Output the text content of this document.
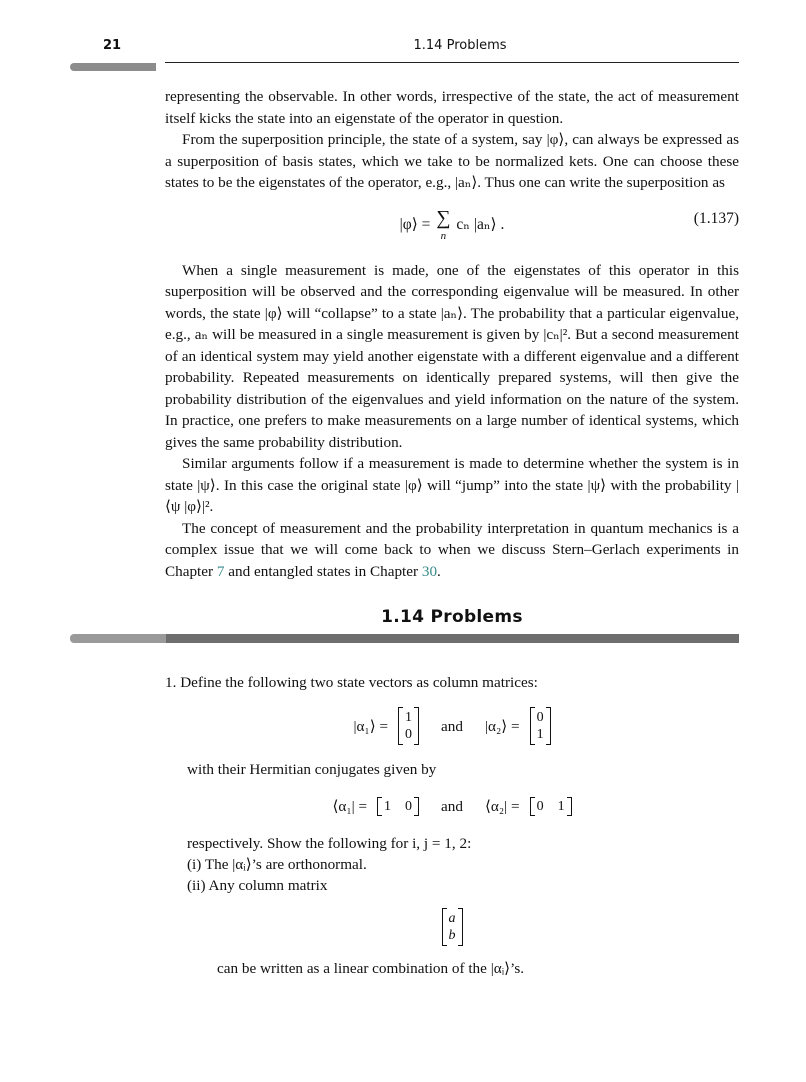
21	1.14 Problems

representing the observable. In other words, irrespective of the state, the act of measurement itself kicks the state into an eigenstate of the operator in question.

From the superposition principle, the state of a system, say |φ⟩, can always be expressed as a superposition of basis states, which we take to be normalized kets. One can choose these states to be the eigenstates of the operator, e.g., |aₙ⟩. Thus one can write the superposition as

|φ⟩ = ∑
n
cₙ |aₙ⟩ .	(1.137)

When a single measurement is made, one of the eigenstates of this operator in this superposition will be observed and the corresponding eigenvalue will be measured. In other words, the state |φ⟩ will “collapse” to a state |aₙ⟩. The probability that a particular eigenvalue, e.g., aₙ will be measured in a single measurement is given by |cₙ|². But a second measurement of an identical system may yield another eigenstate with a different eigenvalue and a different probability. Repeated measurements on identically prepared systems, will then give the probability distribution of the eigenvalues and yield information on the nature of the system. In practice, one prefers to make measurements on a large number of identical systems, which gives the same probability distribution.

Similar arguments follow if a measurement is made to determine whether the system is in state |ψ⟩. In this case the original state |φ⟩ will “jump” into the state |ψ⟩ with the probability |⟨ψ |φ⟩|².

The concept of measurement and the probability interpretation in quantum mechanics is a complex issue that we will come back to when we discuss Stern–Gerlach experiments in Chapter 7 and entangled states in Chapter 30.

1.14 Problems

1. Define the following two state vectors as column matrices:

|α₁⟩ = 1
0 and |α₂⟩ = 0
1

with their Hermitian conjugates given by

⟨α₁| = 1 0 and ⟨α₂| = 0 1

respectively. Show the following for i, j = 1, 2:

(i) The |αᵢ⟩’s are orthonormal.

(ii) Any column matrix

a
b

can be written as a linear combination of the |αᵢ⟩’s.
